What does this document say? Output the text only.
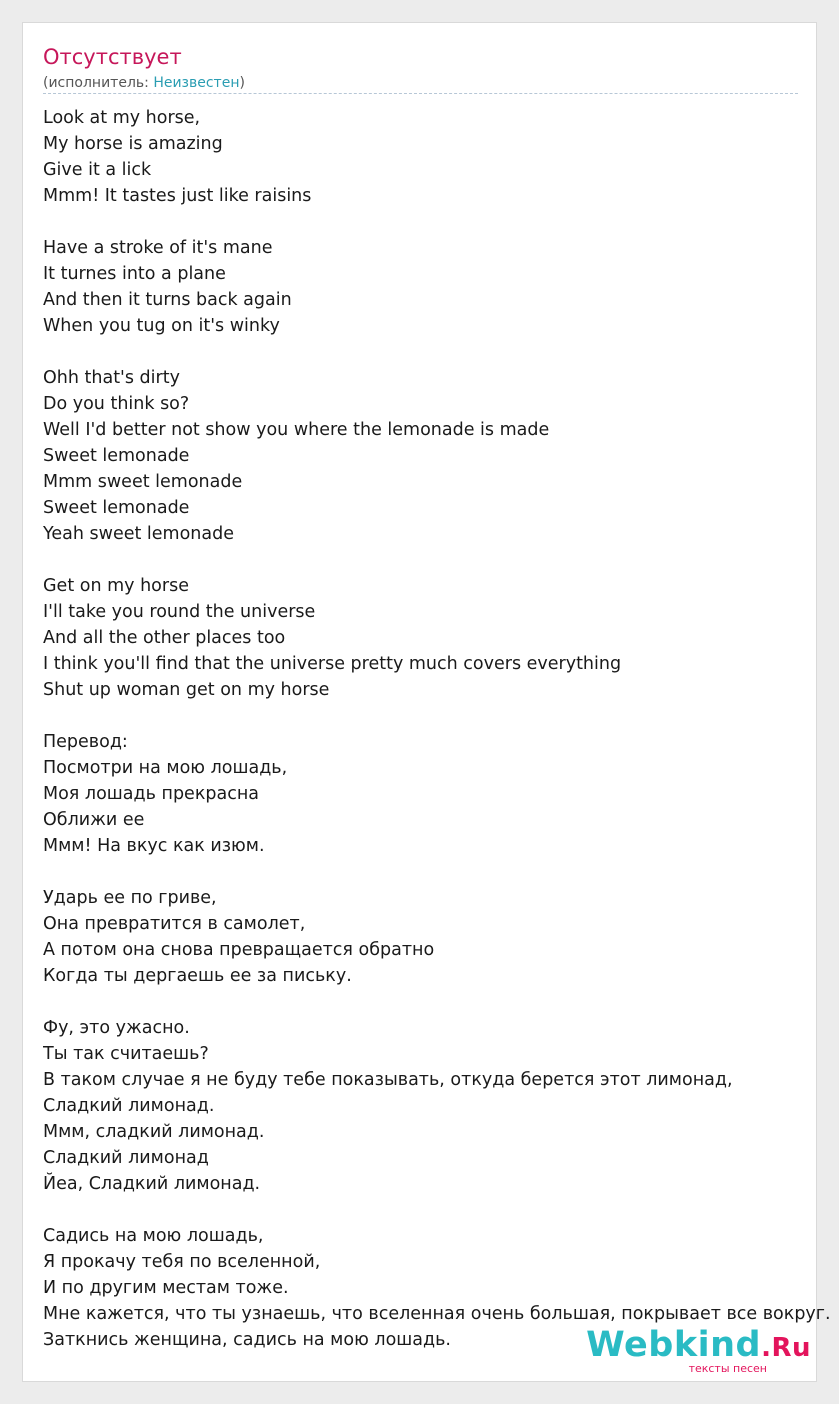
Отсутствует
(исполнитель: Неизвестен)
Look at my horse,
My horse is amazing
Give it a lick
Mmm! It tastes just like raisins

Have a stroke of it's mane
It turnes into a plane
And then it turns back again
When you tug on it's winky

Ohh that's dirty
Do you think so?
Well I'd better not show you where the lemonade is made
Sweet lemonade
Mmm sweet lemonade
Sweet lemonade
Yeah sweet lemonade

Get on my horse
I'll take you round the universe
And all the other places too
I think you'll find that the universe pretty much covers everything
Shut up woman get on my horse

Перевод:
Посмотри на мою лошадь,
Моя лошадь прекрасна
Оближи ее
Ммм! На вкус как изюм.

Ударь ее по гриве,
Она превратится в самолет,
А потом она снова превращается обратно
Когда ты дергаешь ее за письку.

Фу, это ужасно.
Ты так считаешь?
В таком случае я не буду тебе показывать, откуда берется этот лимонад,
Сладкий лимонад.
Ммм, сладкий лимонад.
Сладкий лимонад
Йеа, Сладкий лимонад.

Садись на мою лошадь,
Я прокачу тебя по вселенной,
И по другим местам тоже.
Мне кажется, что ты узнаешь, что вселенная очень большая, покрывает все вокруг.
Заткнись женщина, садись на мою лошадь.	Webkind.Ru
тексты песен
